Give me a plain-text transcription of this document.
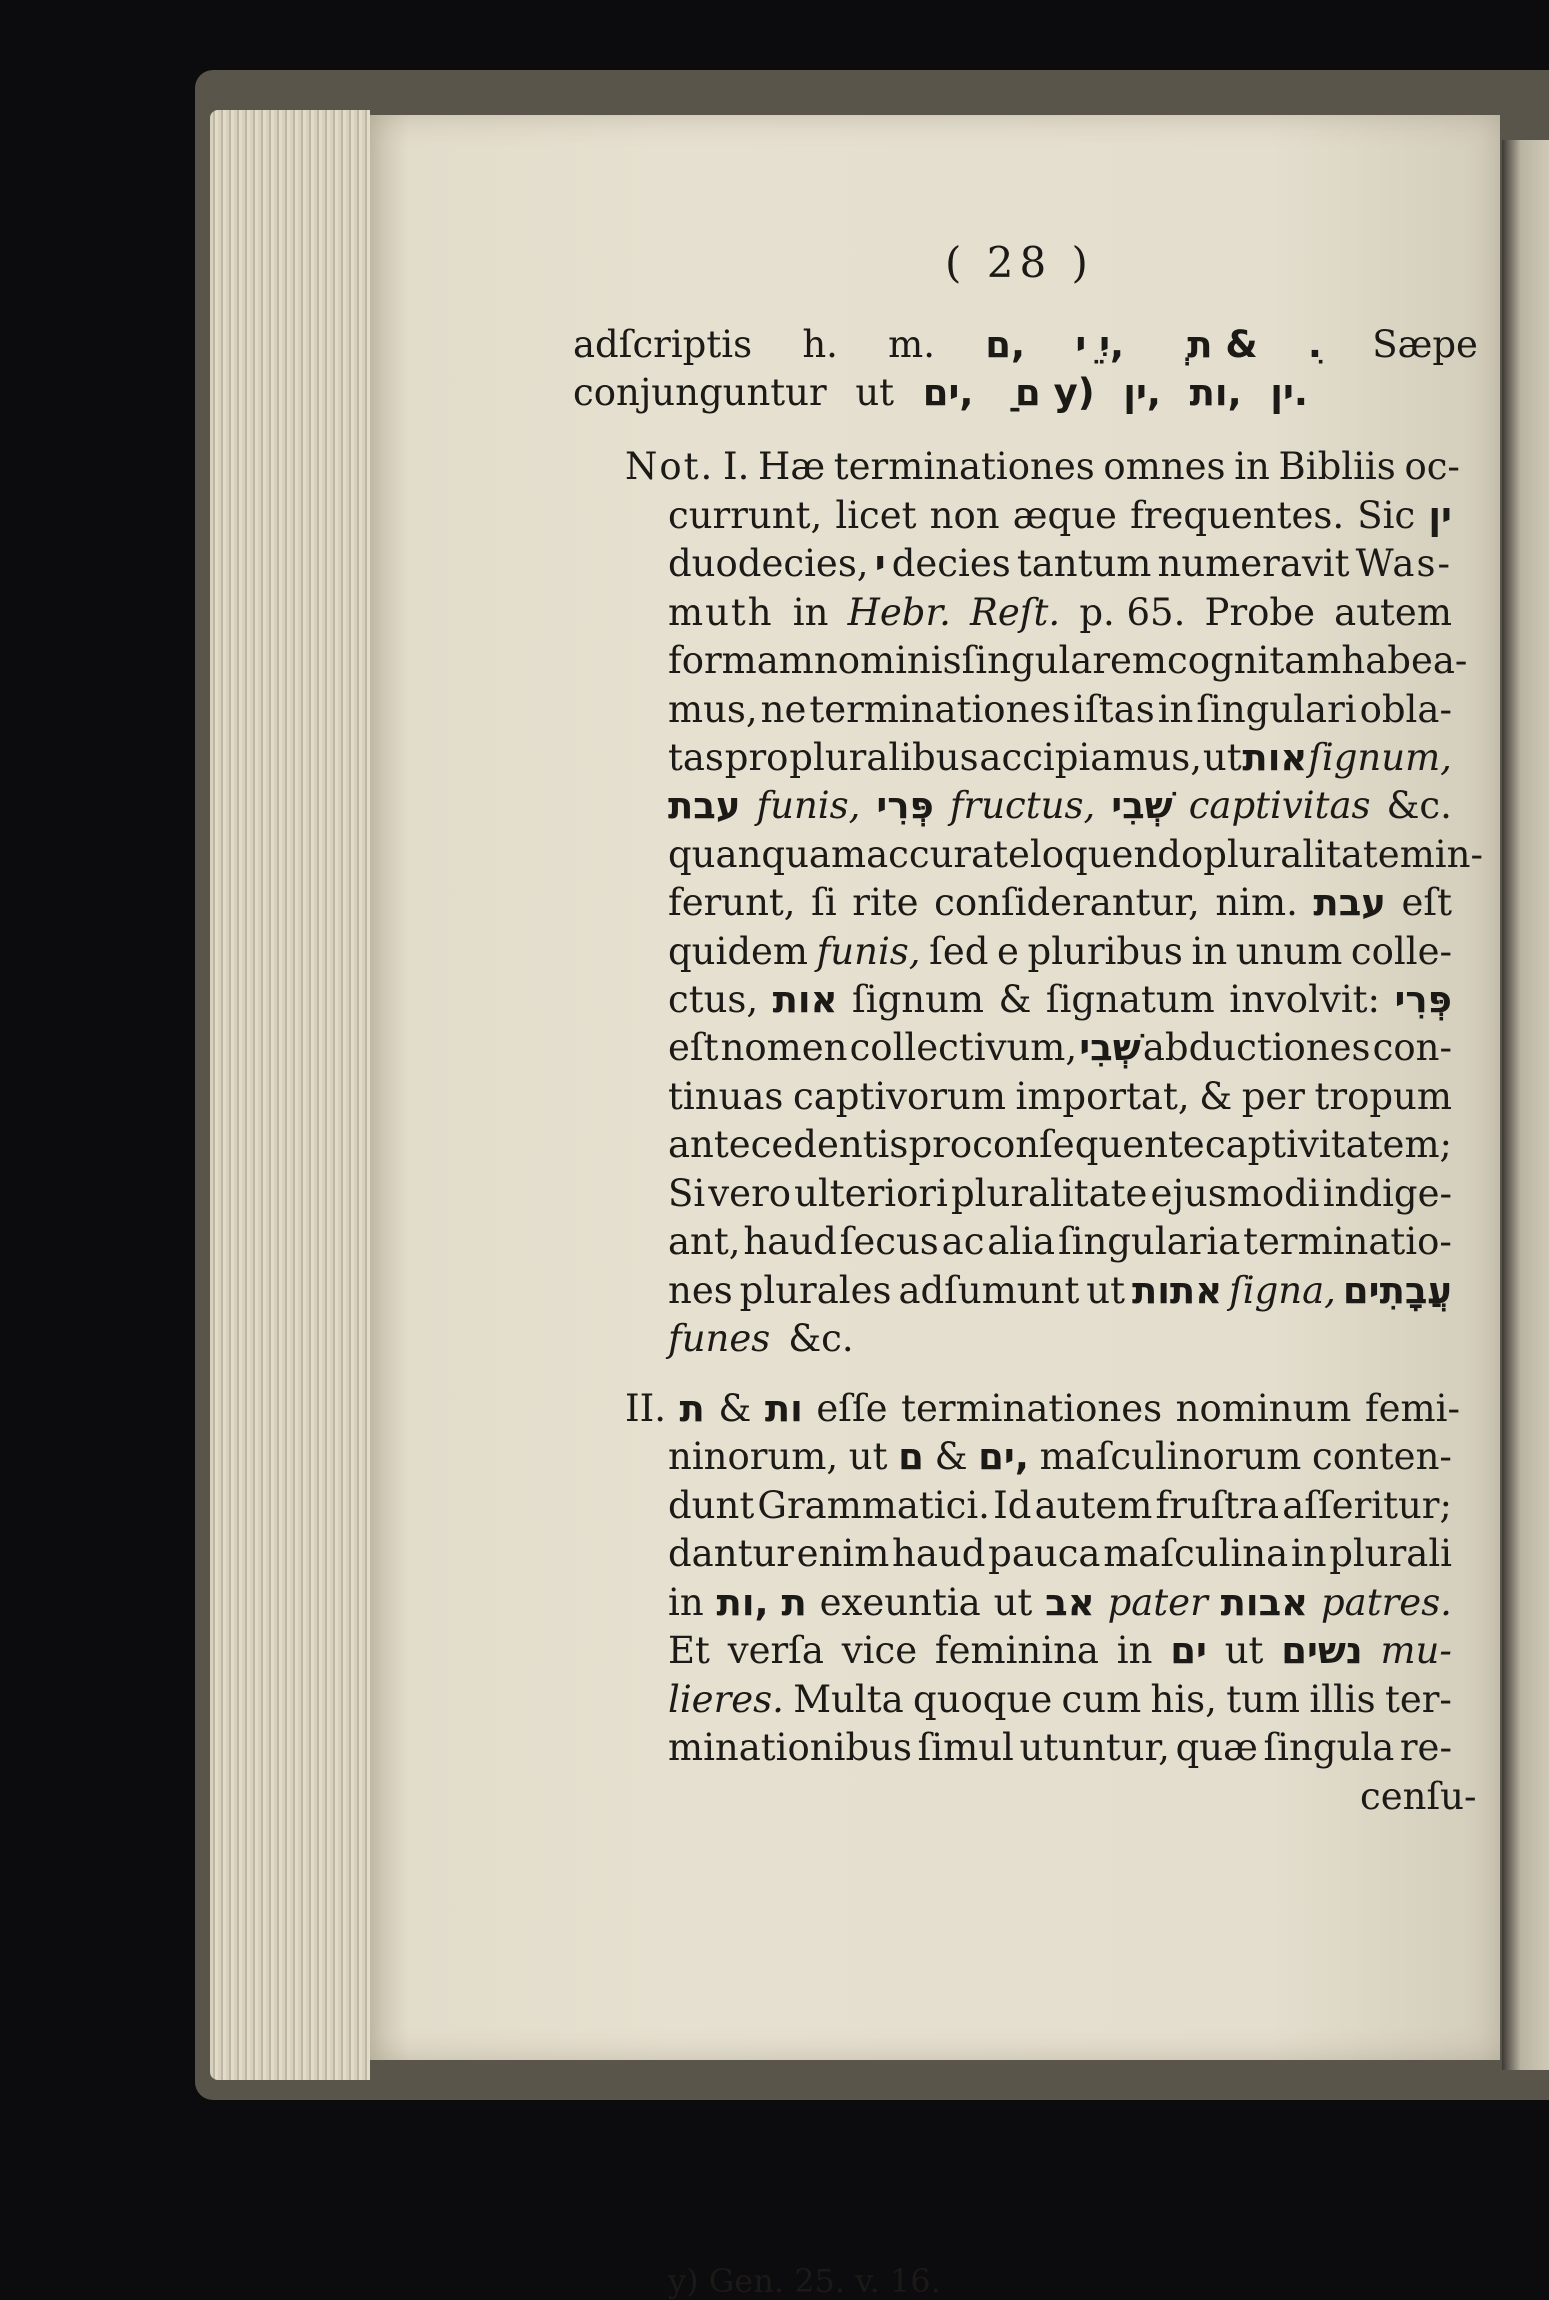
( 28 )
adſcriptis h. m. ם, יִ ֵי, ְ ת & ִ. Sæpe
conjunguntur ut ים, ִ ֵם y) ין, ות, ין.
Not. I. Hæ terminationes omnes in Bibliis oc-
currunt, licet non æque frequentes. Sic ין
duodecies, י decies tantum numeravit Was-
muth in Hebr. Reſt. p. 65. Probe autem
formam nominis ſingularem cognitam habea-
mus, ne terminationes iſtas in ſingulari obla-
tas pro pluralibus accipiamus, ut אות ſignum,
עבת funis, פְּרִי fructus, שְׁבִי captivitas &c.
quanquam accurate loquendo pluralitatem in-
ferunt, ſi rite conſiderantur, nim. עבת eſt
quidem funis, ſed e pluribus in unum colle-
ctus, אות ſignum & ſignatum involvit: פְּרִי
eſt nomen collectivum, שְׁבִי abductiones con-
tinuas captivorum importat, & per tropum
antecedentis pro conſequente captivitatem;
Si vero ulteriori pluralitate ejusmodi indige-
ant, haud ſecus ac alia ſingularia terminatio-
nes plurales adſumunt ut אתות ſigna, עֲבָתִים
funes &c.
II. ת & ות eſſe terminationes nominum femi-
ninorum, ut ם & ים, maſculinorum conten-
dunt Grammatici. Id autem fruſtra aſſeritur;
dantur enim haud pauca maſculina in plurali
in ות, ת exeuntia ut אב pater אבות patres.
Et verſa vice feminina in ים ut נשים mu-
lieres. Multa quoque cum his, tum illis ter-
minationibus ſimul utuntur, quæ ſingula re-
cenſu-
y) Gen. 25. v. 16.
